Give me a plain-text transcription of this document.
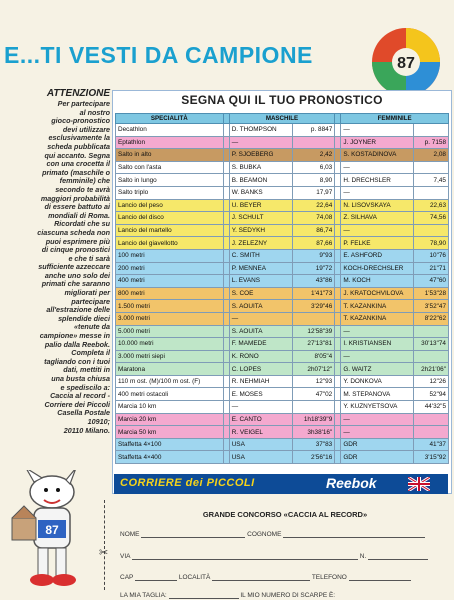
E...TI VESTI DA CAMPIONE	87
ATTENZIONE
Per partecipare
al nostro
gioco-pronostico
devi utilizzare
esclusivamente la
scheda pubblicata
qui accanto. Segna
con una crocetta il
primato (maschile o
femminile) che
secondo te avrà
maggiori probabilità
di essere battuto ai
mondiali di Roma.
Ricordati che su
ciascuna scheda non
puoi esprimere più
di cinque pronostici
e che ti sarà
sufficiente azzeccare
anche uno solo dei
primati che saranno
migliorati per
partecipare
all'estrazione delle
splendide dieci
«tenute da
campione» messe in
palio dalla Reebok.
Completa il
tagliando con i tuoi
dati, mettiti in
una busta chiusa
e spediscilo a:
Caccia al record -
Corriere dei Piccoli
Casella Postale
10910;
20110 Milano.
SEGNA QUI IL TUO PRONOSTICO
SPECIALITÀ		MASCHILE			FEMMINILE	
Decathlon		D. THOMPSON	p. 8847		—	
Eptathlon		—			J. JOYNER	p. 7158
Salto in alto		P. SJOEBERG	2,42		S. KOSTADINOVA	2,08
Salto con l'asta		S. BUBKA	6,03		—	
Salto in lungo		B. BEAMON	8,90		H. DRECHSLER	7,45
Salto triplo		W. BANKS	17,97		—	
Lancio del peso		U. BEYER	22,64		N. LISOVSKAYA	22,63
Lancio del disco		J. SCHULT	74,08		Z. SILHAVA	74,56
Lancio del martello		Y. SEDYKH	86,74		—	
Lancio del giavellotto		J. ZELEZNY	87,66		P. FELKE	78,90
100 metri		C. SMITH	9"93		E. ASHFORD	10"76
200 metri		P. MENNEA	19"72		KOCH-DRECHSLER	21"71
400 metri		L. EVANS	43"86		M. KOCH	47"60
800 metri		S. COE	1'41"73		J. KRATOCHVILOVA	1'53"28
1.500 metri		S. AOUITA	3'29"46		T. KAZANKINA	3'52"47
3.000 metri		—			T. KAZANKINA	8'22"62
5.000 metri		S. AOUITA	12'58"39		—	
10.000 metri		F. MAMEDE	27'13"81		I. KRISTIANSEN	30'13"74
3.000 metri siepi		K. RONO	8'05"4		—	
Maratona		C. LOPES	2h07'12"		G. WAITZ	2h21'06"
110 m ost. (M)/100 m ost. (F)		R. NEHMIAH	12"93		Y. DONKOVA	12"26
400 metri ostacoli		E. MOSES	47"02		M. STEPANOVA	52"94
Marcia 10 km		—			Y. KUZNYETSOVA	44'32"5
Marcia 20 km		E. CANTO	1h18'39"9		—	
Marcia 50 km		R. VEIGEL	3h38'16"		—	
Staffetta 4×100		USA	37"83		GDR	41"37
Staffetta 4×400		USA	2'56"16		GDR	3'15"92
CORRIERE dei PICCOLI	Reebok
GRANDE CONCORSO «CACCIA AL RECORD»
NOME	COGNOME
VIA	N.
CAP	LOCALITÀ	TELEFONO
LA MIA TAGLIA:	IL MIO NUMERO DI SCARPE È:
✂
87
